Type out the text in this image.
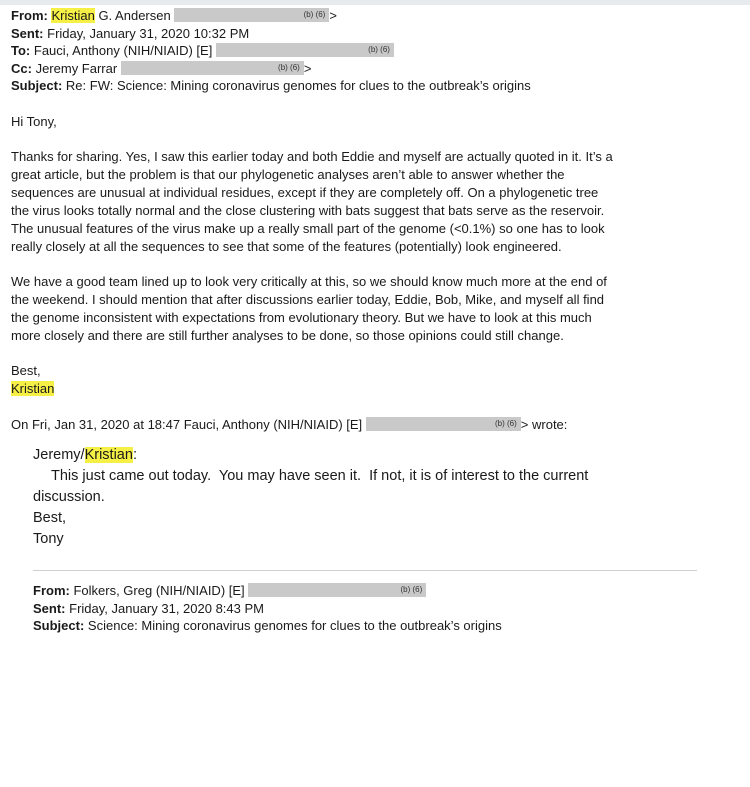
From: Kristian G. Andersen	(b) (6) >
Sent: Friday, January 31, 2020 10:32 PM
To: Fauci, Anthony (NIH/NIAID) [E]	(b) (6)
Cc: Jeremy Farrar	(b) (6) >
Subject: Re: FW: Science: Mining coronavirus genomes for clues to the outbreak’s origins

Hi Tony,

Thanks for sharing. Yes, I saw this earlier today and both Eddie and myself are actually quoted in it. It’s a

great article, but the problem is that our phylogenetic analyses aren’t able to answer whether the

sequences are unusual at individual residues, except if they are completely off. On a phylogenetic tree

the virus looks totally normal and the close clustering with bats suggest that bats serve as the reservoir.

The unusual features of the virus make up a really small part of the genome (<0.1%) so one has to look

really closely at all the sequences to see that some of the features (potentially) look engineered.

We have a good team lined up to look very critically at this, so we should know much more at the end of

the weekend. I should mention that after discussions earlier today, Eddie, Bob, Mike, and myself all find

the genome inconsistent with expectations from evolutionary theory. But we have to look at this much

more closely and there are still further analyses to be done, so those opinions could still change.

Best,

Kristian

On Fri, Jan 31, 2020 at 18:47 Fauci, Anthony (NIH/NIAID) [E]	(b) (6) > wrote:
Jeremy/Kristian:
This just came out today.  You may have seen it.  If not, it is of interest to the current
discussion.
Best,
Tony
From: Folkers, Greg (NIH/NIAID) [E]	(b) (6)
Sent: Friday, January 31, 2020 8:43 PM
Subject: Science: Mining coronavirus genomes for clues to the outbreak’s origins
